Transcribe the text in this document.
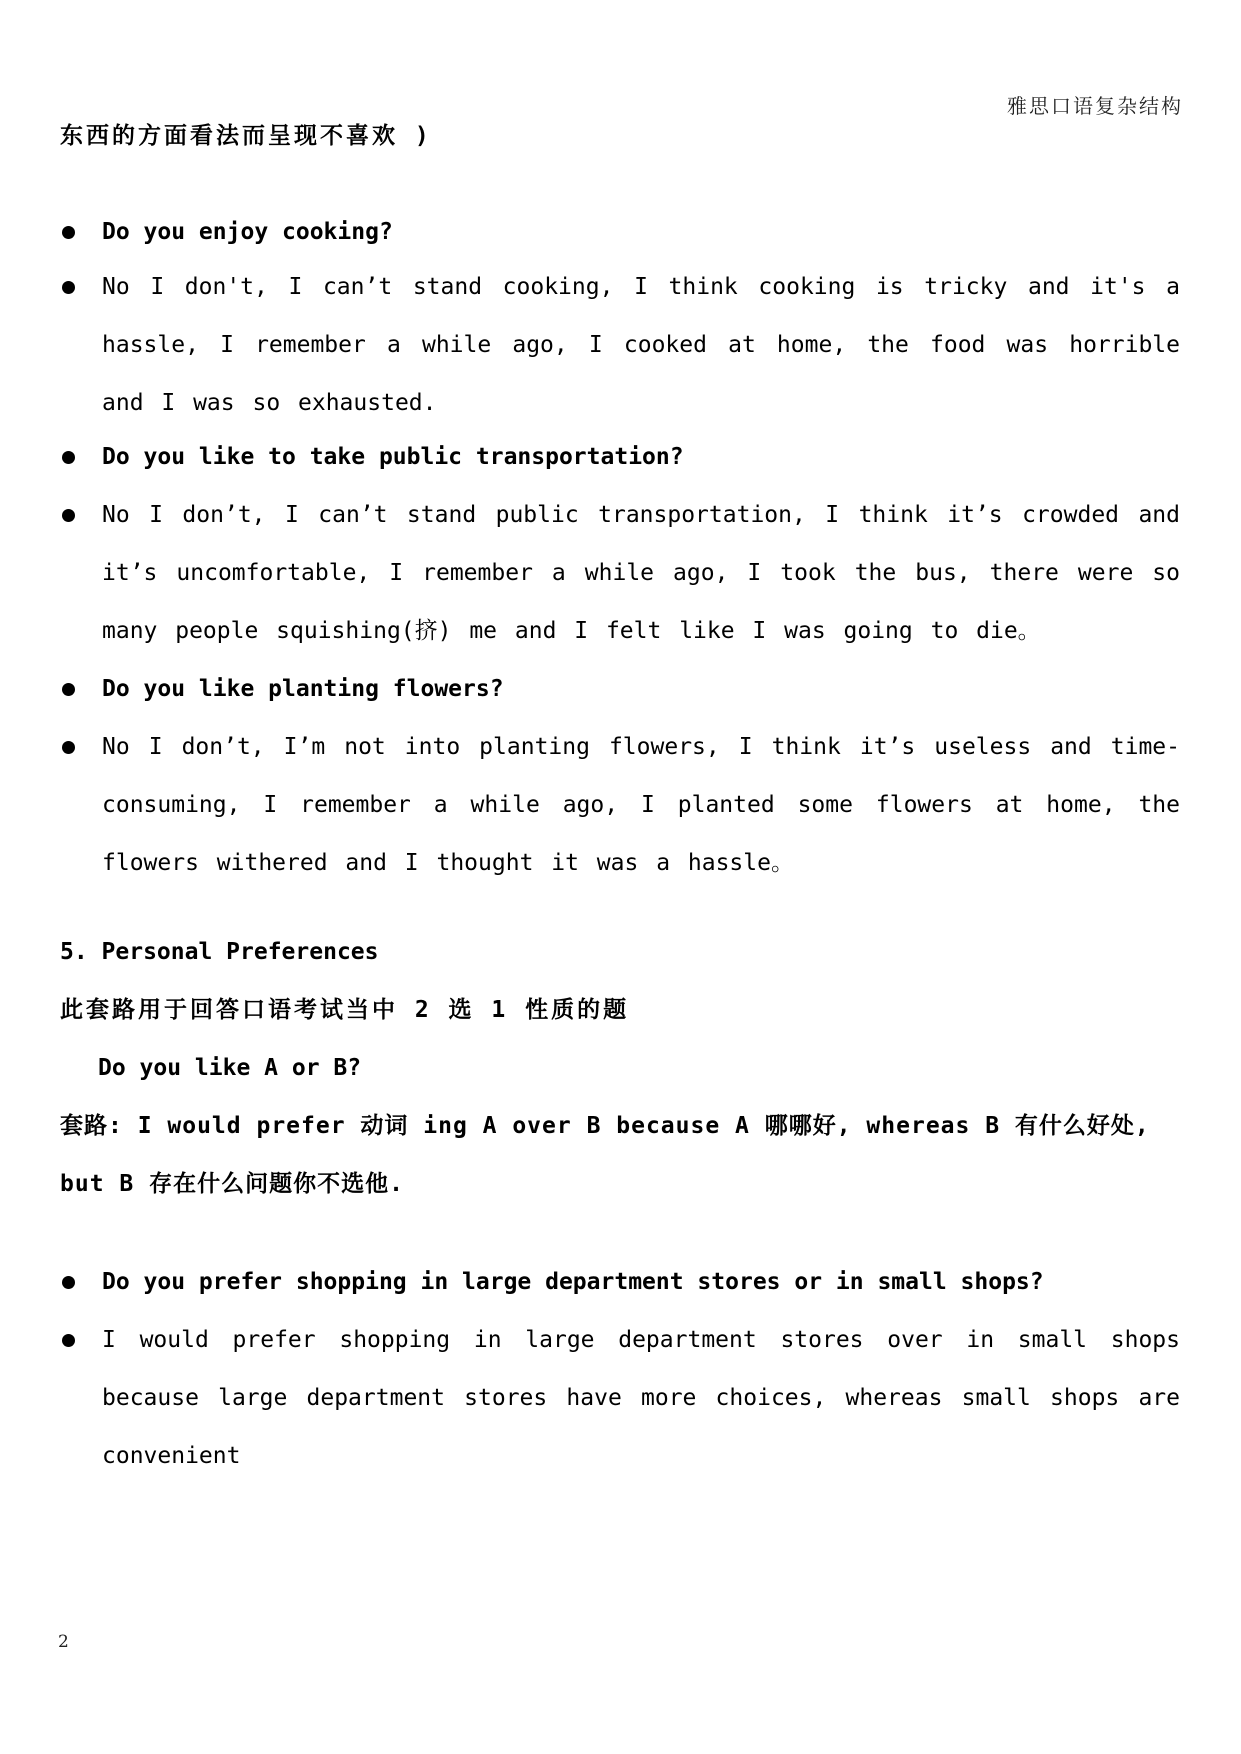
雅思口语复杂结构
东西的方面看法而呈现不喜欢 )
Do you enjoy cooking?
No I don't, I can’t stand cooking, I think cooking is tricky and it's a hassle, I remember a while ago, I cooked at home, the food was horrible and I was so exhausted.
Do you like to take public transportation?
No I don’t, I can’t stand public transportation, I think it’s crowded and it’s uncomfortable, I remember a while ago, I took the bus, there were so many people squishing(挤) me and I felt like I was going to die。
Do you like planting flowers?
No I don’t, I’m not into planting flowers, I think it’s useless and time-consuming, I remember a while ago, I planted some flowers at home, the flowers withered and I thought it was a hassle。
5. Personal Preferences
此套路用于回答口语考试当中 2 选 1 性质的题
Do you like A or B?
套路: I would prefer 动词 ing A over B because A 哪哪好, whereas B 有什么好处, but B 存在什么问题你不选他.
Do you prefer shopping in large department stores or in small shops?
I would prefer shopping in large department stores over in small shops because large department stores have more choices, whereas small shops are convenient
2
